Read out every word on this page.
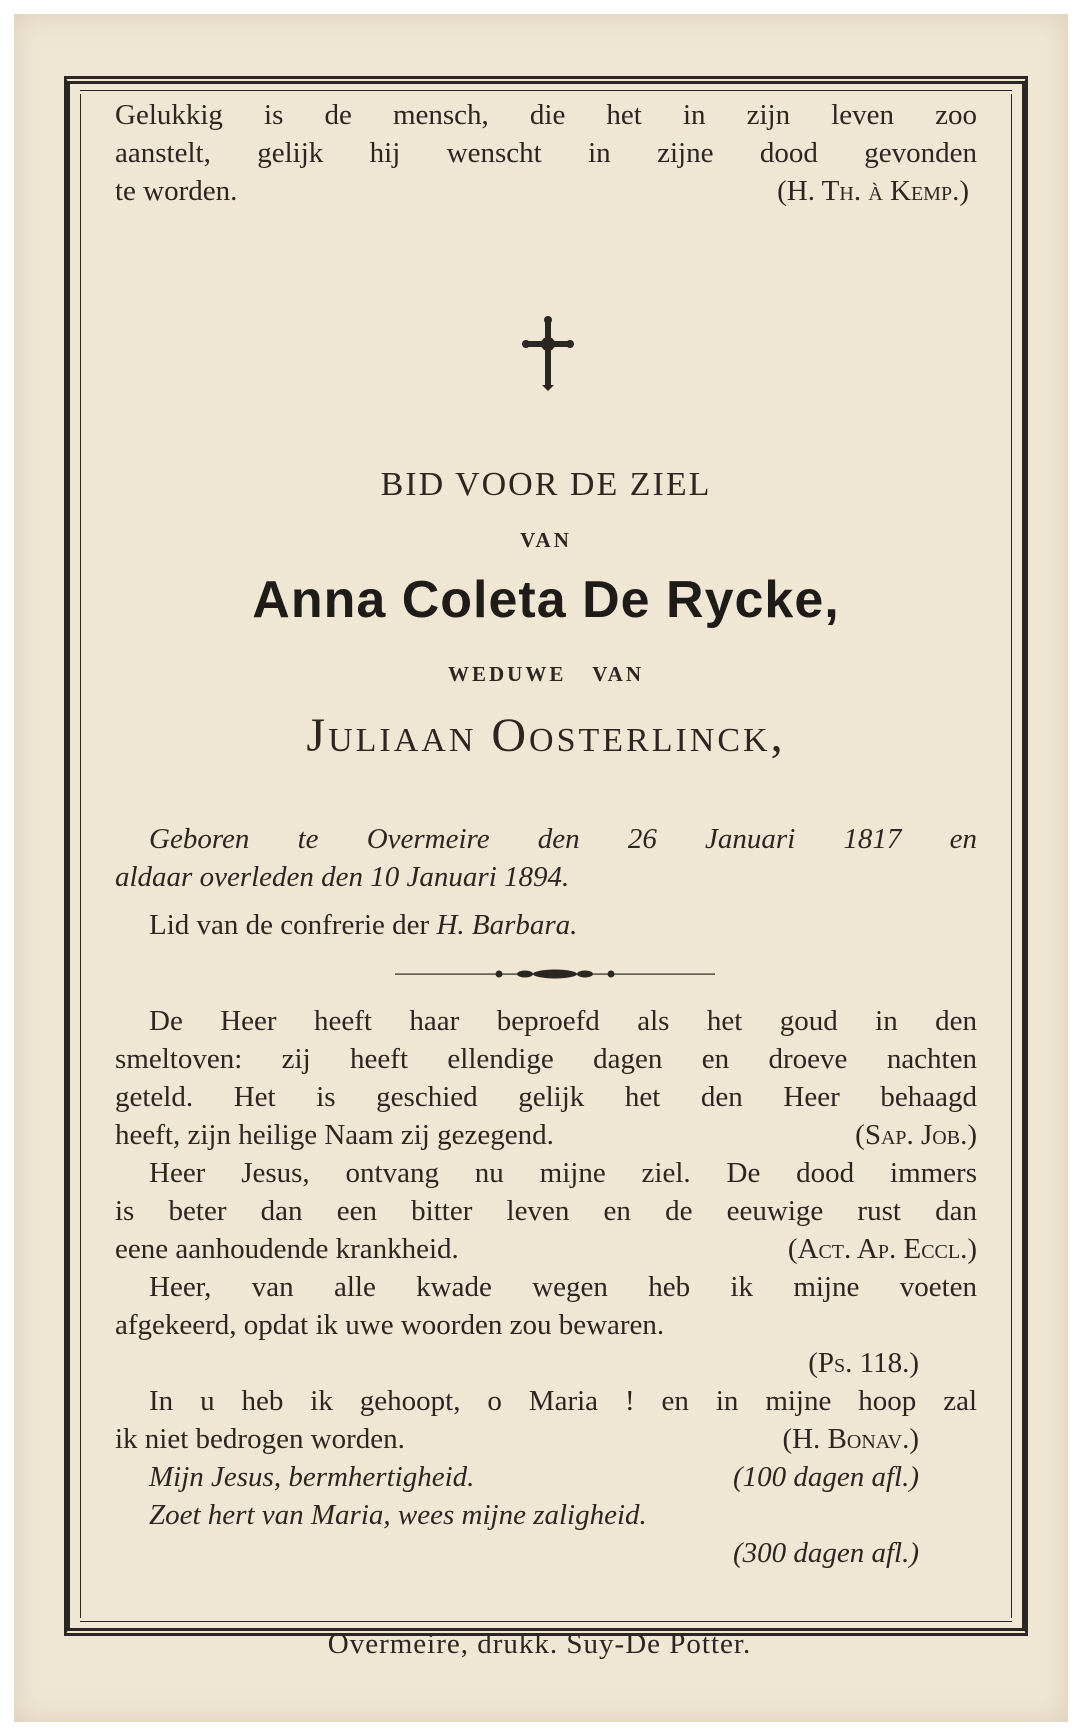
Gelukkig is de mensch, die het in zijn leven zoo
aanstelt, gelijk hij wenscht in zijne dood gevonden

te worden.	(H. Th. à Kemp.)
BID VOOR DE ZIEL
VAN
Anna Coleta De Rycke,
WEDUWE VAN
Juliaan Oosterlinck,

Geboren te Overmeire den 26 Januari 1817 en

aldaar overleden den 10 Januari 1894.

Lid van de confrerie der H. Barbara.

De Heer heeft haar beproefd als het goud in den
smeltoven: zij heeft ellendige dagen en droeve nachten
geteld. Het is geschied gelijk het den Heer behaagd

heeft, zijn heilige Naam zij gezegend.	(Sap. Job.)

Heer Jesus, ontvang nu mijne ziel. De dood immers
is beter dan een bitter leven en de eeuwige rust dan

eene aanhoudende krankheid.	(Act. Ap. Eccl.)

Heer, van alle kwade wegen heb ik mijne voeten

afgekeerd, opdat ik uwe woorden zou bewaren.
(Ps. 118.)

In u heb ik gehoopt, o Maria ! en in mijne hoop zal

ik niet bedrogen worden.	(H. Bonav.)
Mijn Jesus, bermhertigheid.	(100 dagen afl.)
Zoet hert van Maria, wees mijne zaligheid.
(300 dagen afl.)
Overmeire, drukk. Suy-De Potter.
